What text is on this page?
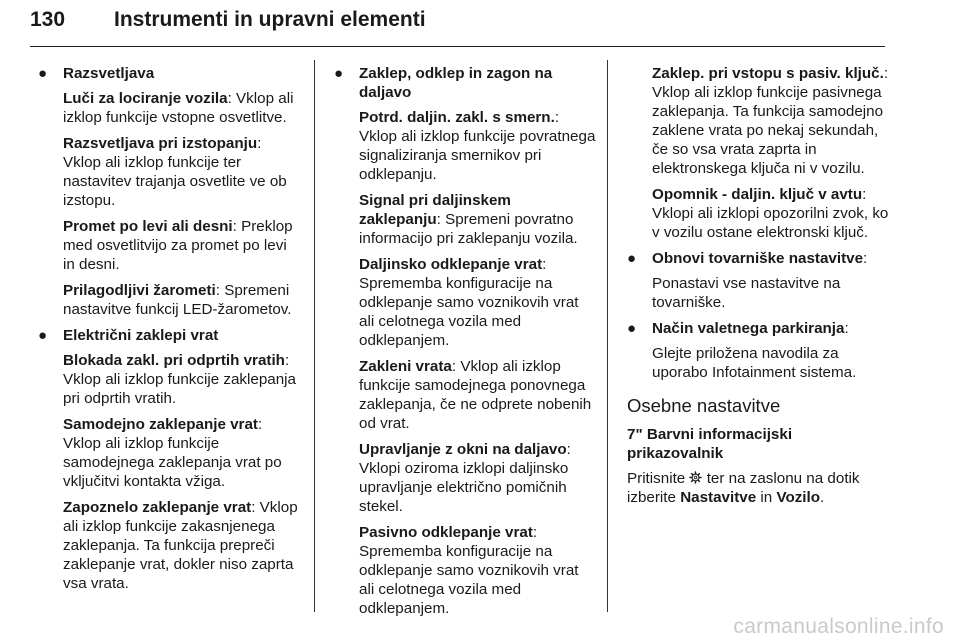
130 Instrumenti in upravni elementi
● Razsvetljava
Luči za lociranje vozila: Vklop ali izklop funkcije vstopne osvetlitve.
Razsvetljava pri izstopanju: Vklop ali izklop funkcije ter nastavitev trajanja osvetlite ve ob izstopu.
Promet po levi ali desni: Preklop med osvetlitvijo za promet po levi in desni.
Prilagodljivi žarometi: Spremeni nastavitve funkcij LED-žarometov.
● Električni zaklepi vrat
Blokada zakl. pri odprtih vratih: Vklop ali izklop funkcije zaklepanja pri odprtih vratih.
Samodejno zaklepanje vrat: Vklop ali izklop funkcije samodejnega zaklepanja vrat po vključitvi kontakta vžiga.
Zapoznelo zaklepanje vrat: Vklop ali izklop funkcije zakasnjenega zaklepanja. Ta funkcija prepreči zaklepanje vrat, dokler niso zaprta vsa vrata.
● Zaklep, odklep in zagon na daljavo
Potrd. daljin. zakl. s smern.: Vklop ali izklop funkcije povratnega signaliziranja smernikov pri odklepanju.
Signal pri daljinskem zaklepanju: Spremeni povratno informacijo pri zaklepanju vozila.
Daljinsko odklepanje vrat: Sprememba konfiguracije na odklepanje samo voznikovih vrat ali celotnega vozila med odklepanjem.
Zakleni vrata: Vklop ali izklop funkcije samodejnega ponovnega zaklepanja, če ne odprete nobenih od vrat.
Upravljanje z okni na daljavo: Vklopi oziroma izklopi daljinsko upravljanje električno pomičnih stekel.
Pasivno odklepanje vrat: Sprememba konfiguracije na odklepanje samo voznikovih vrat ali celotnega vozila med odklepanjem.
Zaklep. pri vstopu s pasiv. ključ.: Vklop ali izklop funkcije pasivnega zaklepanja. Ta funkcija samodejno zaklene vrata po nekaj sekundah, če so vsa vrata zaprta in elektronskega ključa ni v vozilu.
Opomnik - daljin. ključ v avtu: Vklopi ali izklopi opozorilni zvok, ko v vozilu ostane elektronski ključ.
● Obnovi tovarniške nastavitve:
Ponastavi vse nastavitve na tovarniške.
● Način valetnega parkiranja:
Glejte priložena navodila za uporabo Infotainment sistema.
Osebne nastavitve
7" Barvni informacijski prikazovalnik
Pritisnite  ter na zaslonu na dotik izberite Nastavitve in Vozilo.
carmanualsonline.info
